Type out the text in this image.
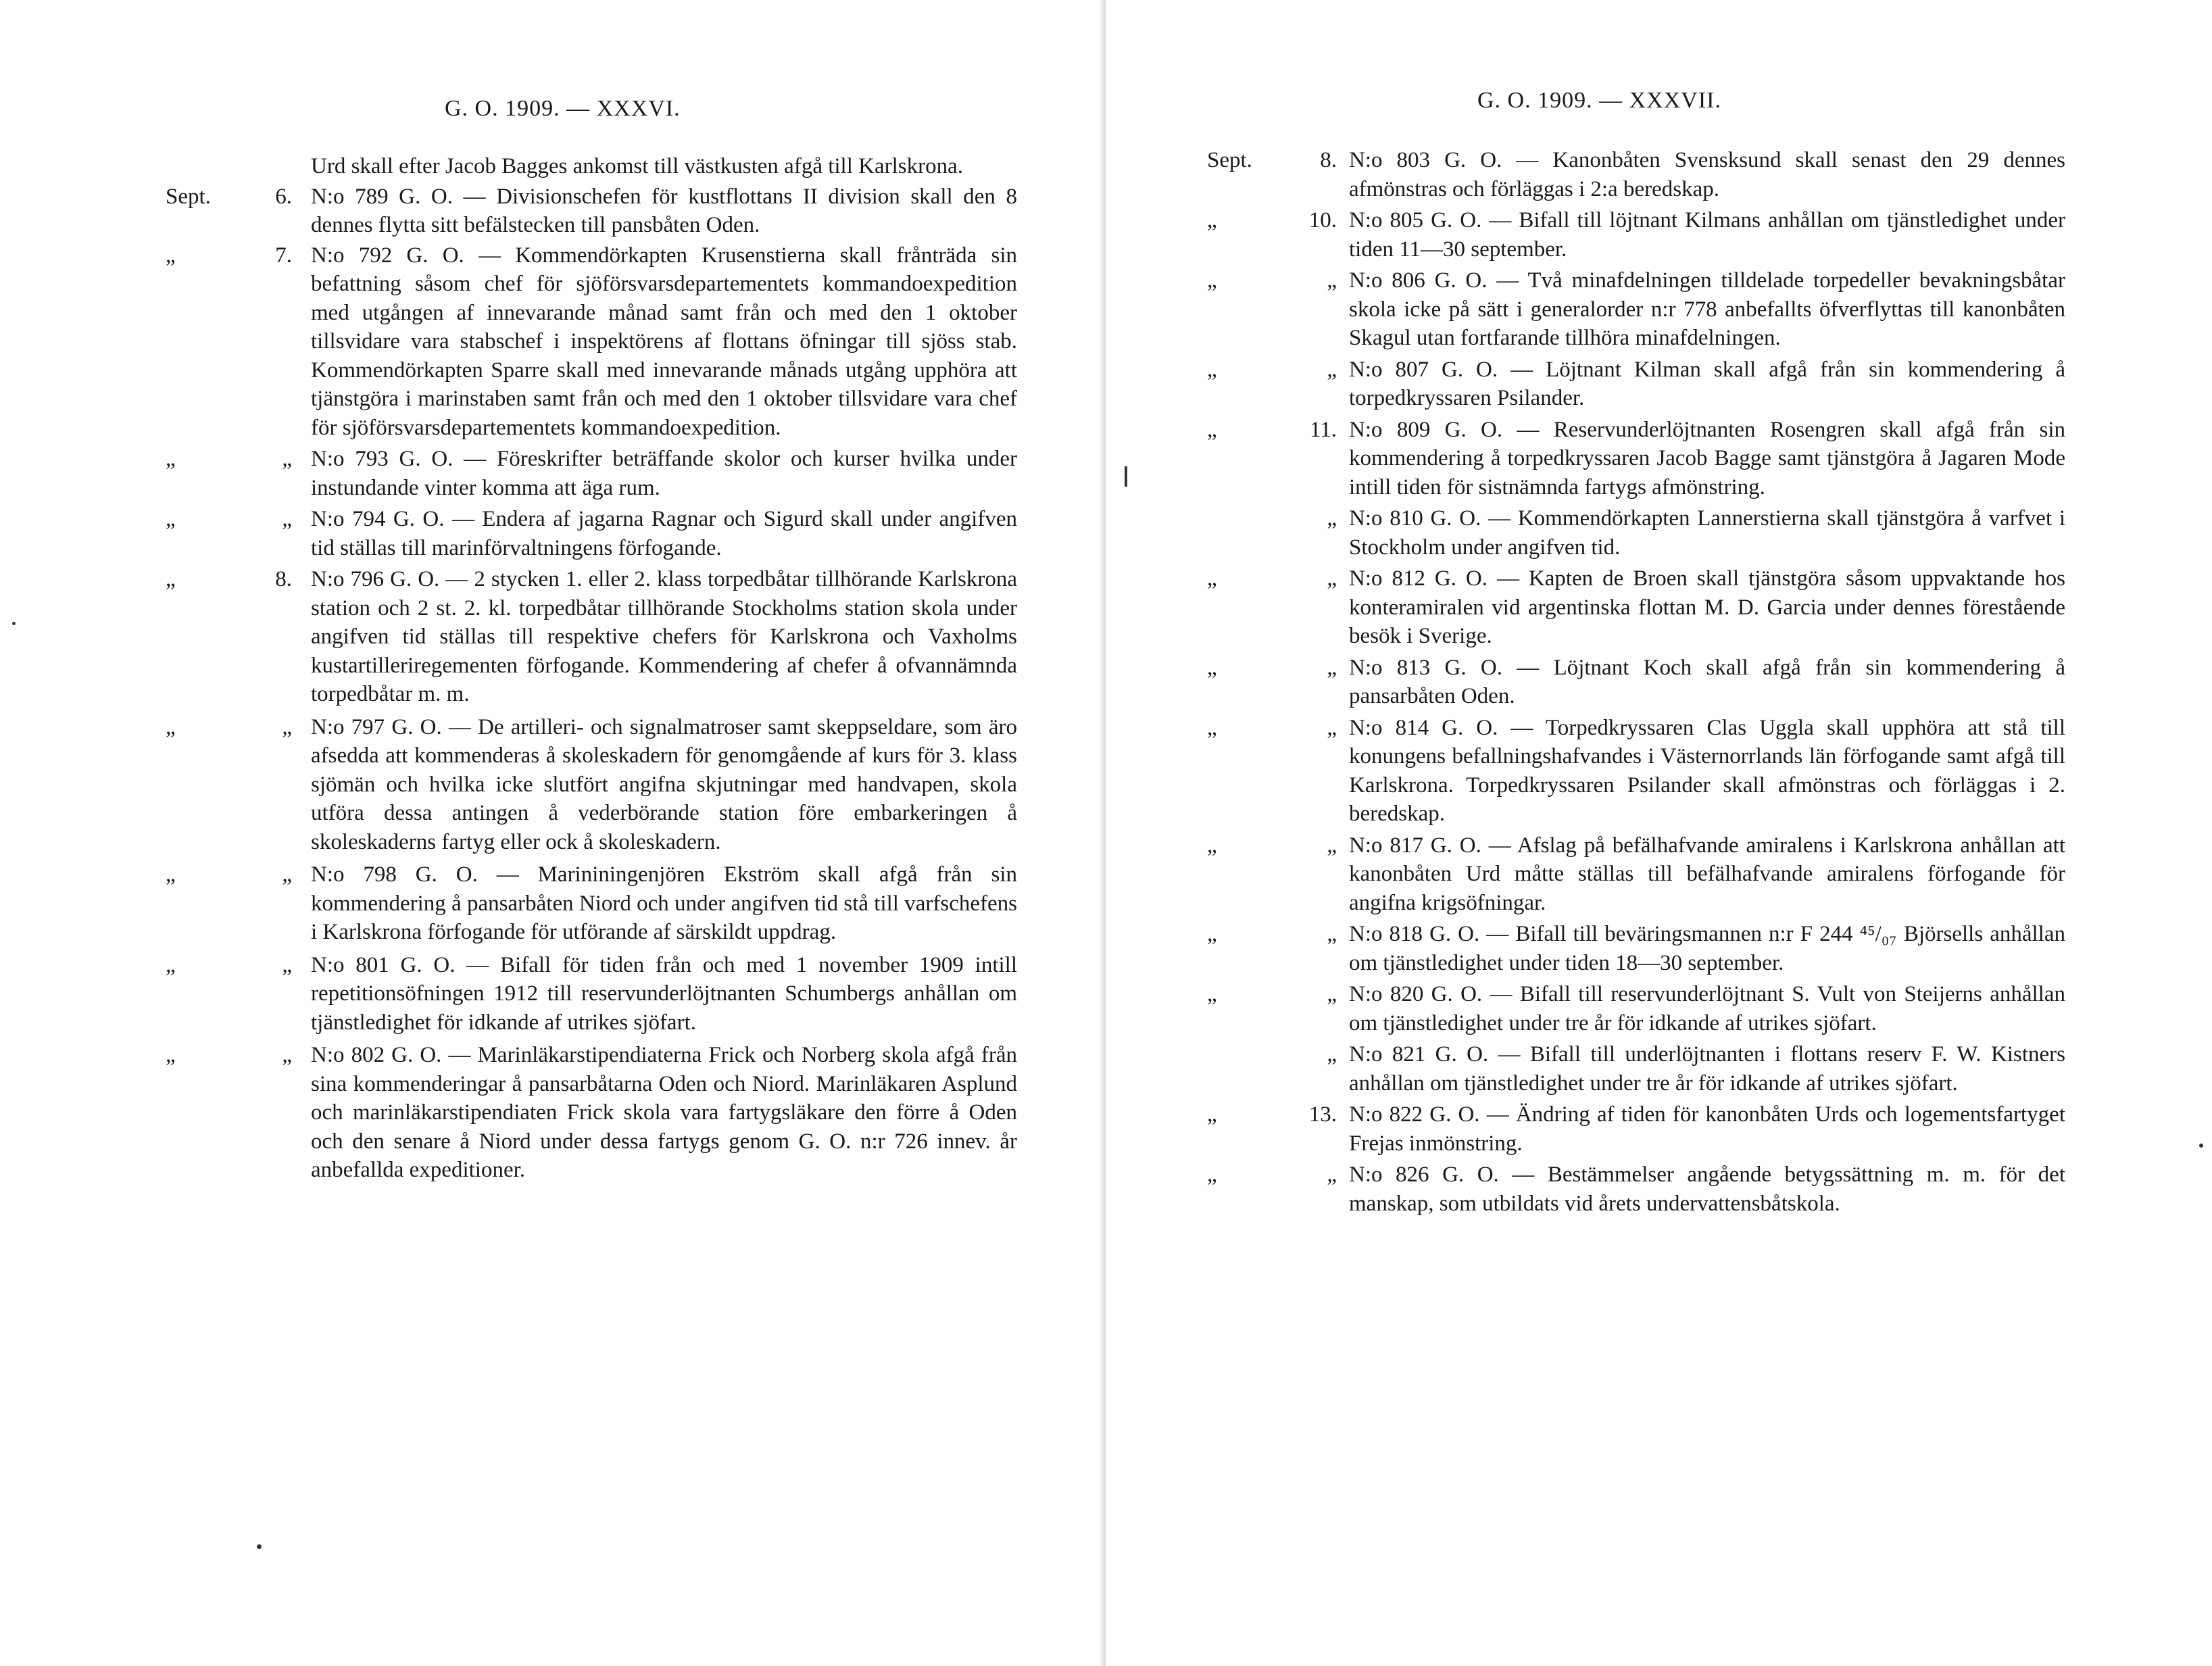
G. O. 1909. — XXXVI.
Urd skall efter Jacob Bagges ankomst till västkusten afgå till Karlskrona.
Sept.	6. N:o 789 G. O. — Divisionschefen för kustflottans II division skall den 8 dennes flytta sitt befälstecken till pansbåten Oden.
„	7. N:o 792 G. O. — Kommendörkapten Krusenstierna skall frånträda sin befattning såsom chef för sjöförsvarsdepartementets kommandoexpedition med utgången af innevarande månad samt från och med den 1 oktober tillsvidare vara stabschef i inspektörens af flottans öfningar till sjöss stab. Kommendörkapten Sparre skall med innevarande månads utgång upphöra att tjänstgöra i marinstaben samt från och med den 1 oktober tillsvidare vara chef för sjöförsvarsdepartementets kommandoexpedition.
„	„ N:o 793 G. O. — Föreskrifter beträffande skolor och kurser hvilka under instundande vinter komma att äga rum.
„	„ N:o 794 G. O. — Endera af jagarna Ragnar och Sigurd skall under angifven tid ställas till marinförvaltningens förfogande.
„	8. N:o 796 G. O. — 2 stycken 1. eller 2. klass torpedbåtar tillhörande Karlskrona station och 2 st. 2. kl. torpedbåtar tillhörande Stockholms station skola under angifven tid ställas till respektive chefers för Karlskrona och Vaxholms kustartilleriregementen förfogande. Kommendering af chefer å ofvannämnda torpedbåtar m. m.
„	„ N:o 797 G. O. — De artilleri- och signalmatroser samt skeppseldare, som äro afsedda att kommenderas å skoleskadern för genomgående af kurs för 3. klass sjömän och hvilka icke slutfört angifna skjutningar med handvapen, skola utföra dessa antingen å vederbörande station före embarkeringen å skoleskaderns fartyg eller ock å skoleskadern.
„	„ N:o 798 G. O. — Marinіningenjören Ekström skall afgå från sin kommendering å pansarbåten Niord och under angifven tid stå till varfschefens i Karlskrona förfogande för utförande af särskildt uppdrag.
„	„ N:o 801 G. O. — Bifall för tiden från och med 1 november 1909 intill repetitionsöfningen 1912 till reservunderlöjtnanten Schumbergs anhållan om tjänstledighet för idkande af utrikes sjöfart.
„	„ N:o 802 G. O. — Marinläkarstipendiaterna Frick och Norberg skola afgå från sina kommenderingar å pansarbåtarna Oden och Niord. Marinläkaren Asplund och marinläkarstipendiaten Frick skola vara fartygsläkare den förre å Oden och den senare å Niord under dessa fartygs genom G. O. n:r 726 innev. år anbefallda expeditioner.
G. O. 1909. — XXXVII.
Sept.	8. N:o 803 G. O. — Kanonbåten Svensksund skall senast den 29 dennes afmönstras och förläggas i 2:a beredskap.
„	10. N:o 805 G. O. — Bifall till löjtnant Kilmans anhållan om tjänstledighet under tiden 11—30 september.
„	„ N:o 806 G. O. — Två minafdelningen tilldelade torpedeller bevakningsbåtar skola icke på sätt i generalorder n:r 778 anbefallts öfverflyttas till kanonbåten Skagul utan fortfarande tillhöra minafdelningen.
„	„ N:o 807 G. O. — Löjtnant Kilman skall afgå från sin kommendering å torpedkryssaren Psilander.
„	11. N:o 809 G. O. — Reservunderlöjtnanten Rosengren skall afgå från sin kommendering å torpedkryssaren Jacob Bagge samt tjänstgöra å Jagaren Mode intill tiden för sistnämnda fartygs afmönstring.
„ N:o 810 G. O. — Kommendörkapten Lannerstierna skall tjänstgöra å varfvet i Stockholm under angifven tid.
„	„ N:o 812 G. O. — Kapten de Broen skall tjänstgöra såsom uppvaktande hos konteramiralen vid argentinska flottan M. D. Garcia under dennes förestående besök i Sverige.
„	„ N:o 813 G. O. — Löjtnant Koch skall afgå från sin kommendering å pansarbåten Oden.
„	„ N:o 814 G. O. — Torpedkryssaren Clas Uggla skall upphöra att stå till konungens befallningshafvandes i Västernorrlands län förfogande samt afgå till Karlskrona. Torpedkryssaren Psilander skall afmönstras och förläggas i 2. beredskap.
„	„ N:o 817 G. O. — Afslag på befälhafvande amiralens i Karlskrona anhållan att kanonbåten Urd måtte ställas till befälhafvande amiralens förfogande för angifna krigsöfningar.
„	„ N:o 818 G. O. — Bifall till beväringsmannen n:r F 244 ⁴⁵/₀₇ Björsells anhållan om tjänstledighet under tiden 18—30 september.
„	„ N:o 820 G. O. — Bifall till reservunderlöjtnant S. Vult von Steijerns anhållan om tjänstledighet under tre år för idkande af utrikes sjöfart.
„ N:o 821 G. O. — Bifall till underlöjtnanten i flottans reserv F. W. Kistners anhållan om tjänstledighet under tre år för idkande af utrikes sjöfart.
„	13. N:o 822 G. O. — Ändring af tiden för kanonbåten Urds och logementsfartyget Frejas inmönstring.
„	„ N:o 826 G. O. — Bestämmelser angående betygssättning m. m. för det manskap, som utbildats vid årets undervattensbåtskola.
